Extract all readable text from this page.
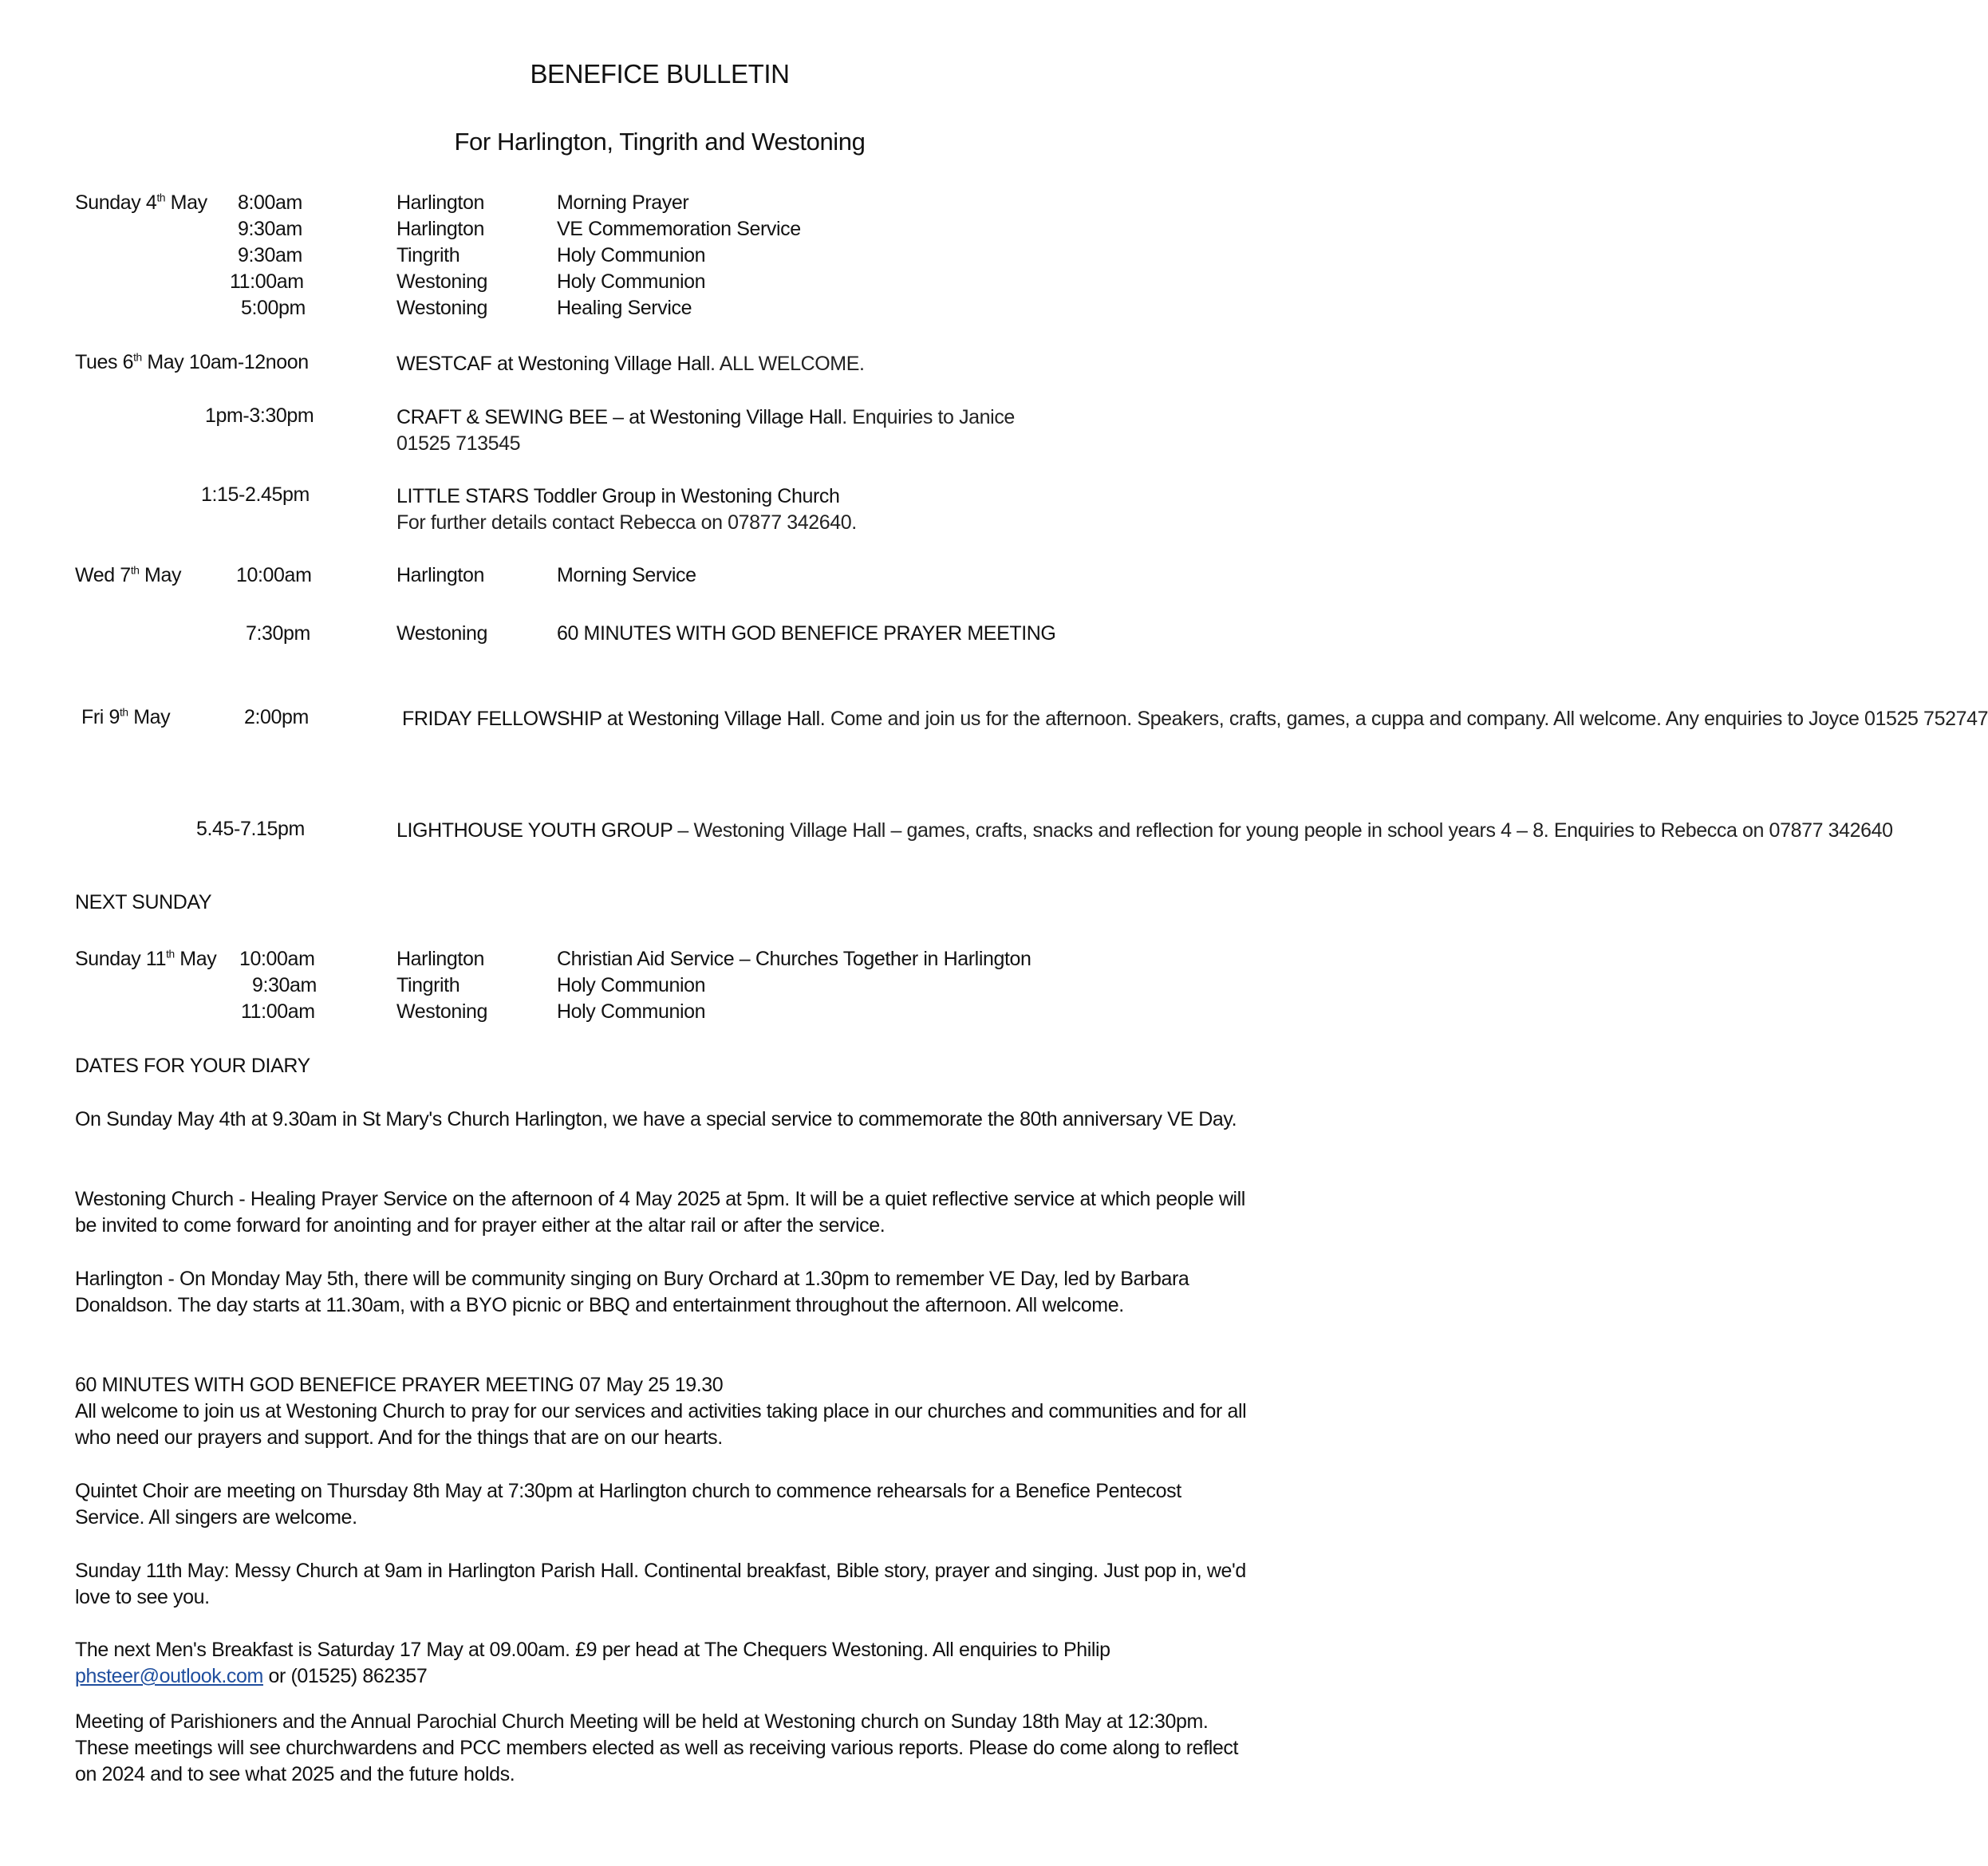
BENEFICE BULLETIN
For Harlington, Tingrith and Westoning
Sunday 4th May 8:00am	Harlington	Morning Prayer
9:30am	Harlington	VE Commemoration Service
9:30am	Tingrith	Holy Communion
11:00am	Westoning	Holy Communion
5:00pm	Westoning	Healing Service
Tues 6th May 10am-12noon	WESTCAF at Westoning Village Hall. ALL WELCOME.
1pm-3:30pm	CRAFT & SEWING BEE – at Westoning Village Hall. Enquiries to Janice
01525 713545
1:15-2.45pm	LITTLE STARS Toddler Group in Westoning Church
For further details contact Rebecca on 07877 342640.
Wed 7th May	10:00am	Harlington	Morning Service
7:30pm	Westoning	60 MINUTES WITH GOD BENEFICE PRAYER MEETING
Fri 9th May	2:00pm	FRIDAY FELLOWSHIP at Westoning Village Hall. Come and join us for the afternoon. Speakers, crafts, games, a cuppa and company. All welcome. Any enquiries to Joyce 01525 752747
5.45-7.15pm	LIGHTHOUSE YOUTH GROUP – Westoning Village Hall – games, crafts, snacks and reflection for young people in school years 4 – 8. Enquiries to Rebecca on 07877 342640
NEXT SUNDAY
Sunday 11th May 10:00am	Harlington	Christian Aid Service – Churches Together in Harlington
9:30am	Tingrith	Holy Communion
11:00am	Westoning	Holy Communion
DATES FOR YOUR DIARY
On Sunday May 4th at 9.30am in St Mary's Church Harlington, we have a special service to commemorate the 80th anniversary VE Day.
Westoning Church - Healing Prayer Service on the afternoon of 4 May 2025 at 5pm. It will be a quiet reflective service at which people will be invited to come forward for anointing and for prayer either at the altar rail or after the service.
Harlington - On Monday May 5th, there will be community singing on Bury Orchard at 1.30pm to remember VE Day, led by Barbara Donaldson. The day starts at 11.30am, with a BYO picnic or BBQ and entertainment throughout the afternoon. All welcome.

60 MINUTES WITH GOD BENEFICE PRAYER MEETING 07 May 25 19.30

All welcome to join us at Westoning Church to pray for our services and activities taking place in our churches and communities and for all who need our prayers and support. And for the things that are on our hearts.

Quintet Choir are meeting on Thursday 8th May at 7:30pm at Harlington church to commence rehearsals for a Benefice Pentecost Service. All singers are welcome.
Sunday 11th May: Messy Church at 9am in Harlington Parish Hall. Continental breakfast, Bible story, prayer and singing. Just pop in, we'd love to see you.
The next Men's Breakfast is Saturday 17 May at 09.00am. £9 per head at The Chequers Westoning. All enquiries to Philip
phsteer@outlook.com or (01525) 862357
Meeting of Parishioners and the Annual Parochial Church Meeting will be held at Westoning church on Sunday 18th May at 12:30pm. These meetings will see churchwardens and PCC members elected as well as receiving various reports. Please do come along to reflect on 2024 and to see what 2025 and the future holds.
